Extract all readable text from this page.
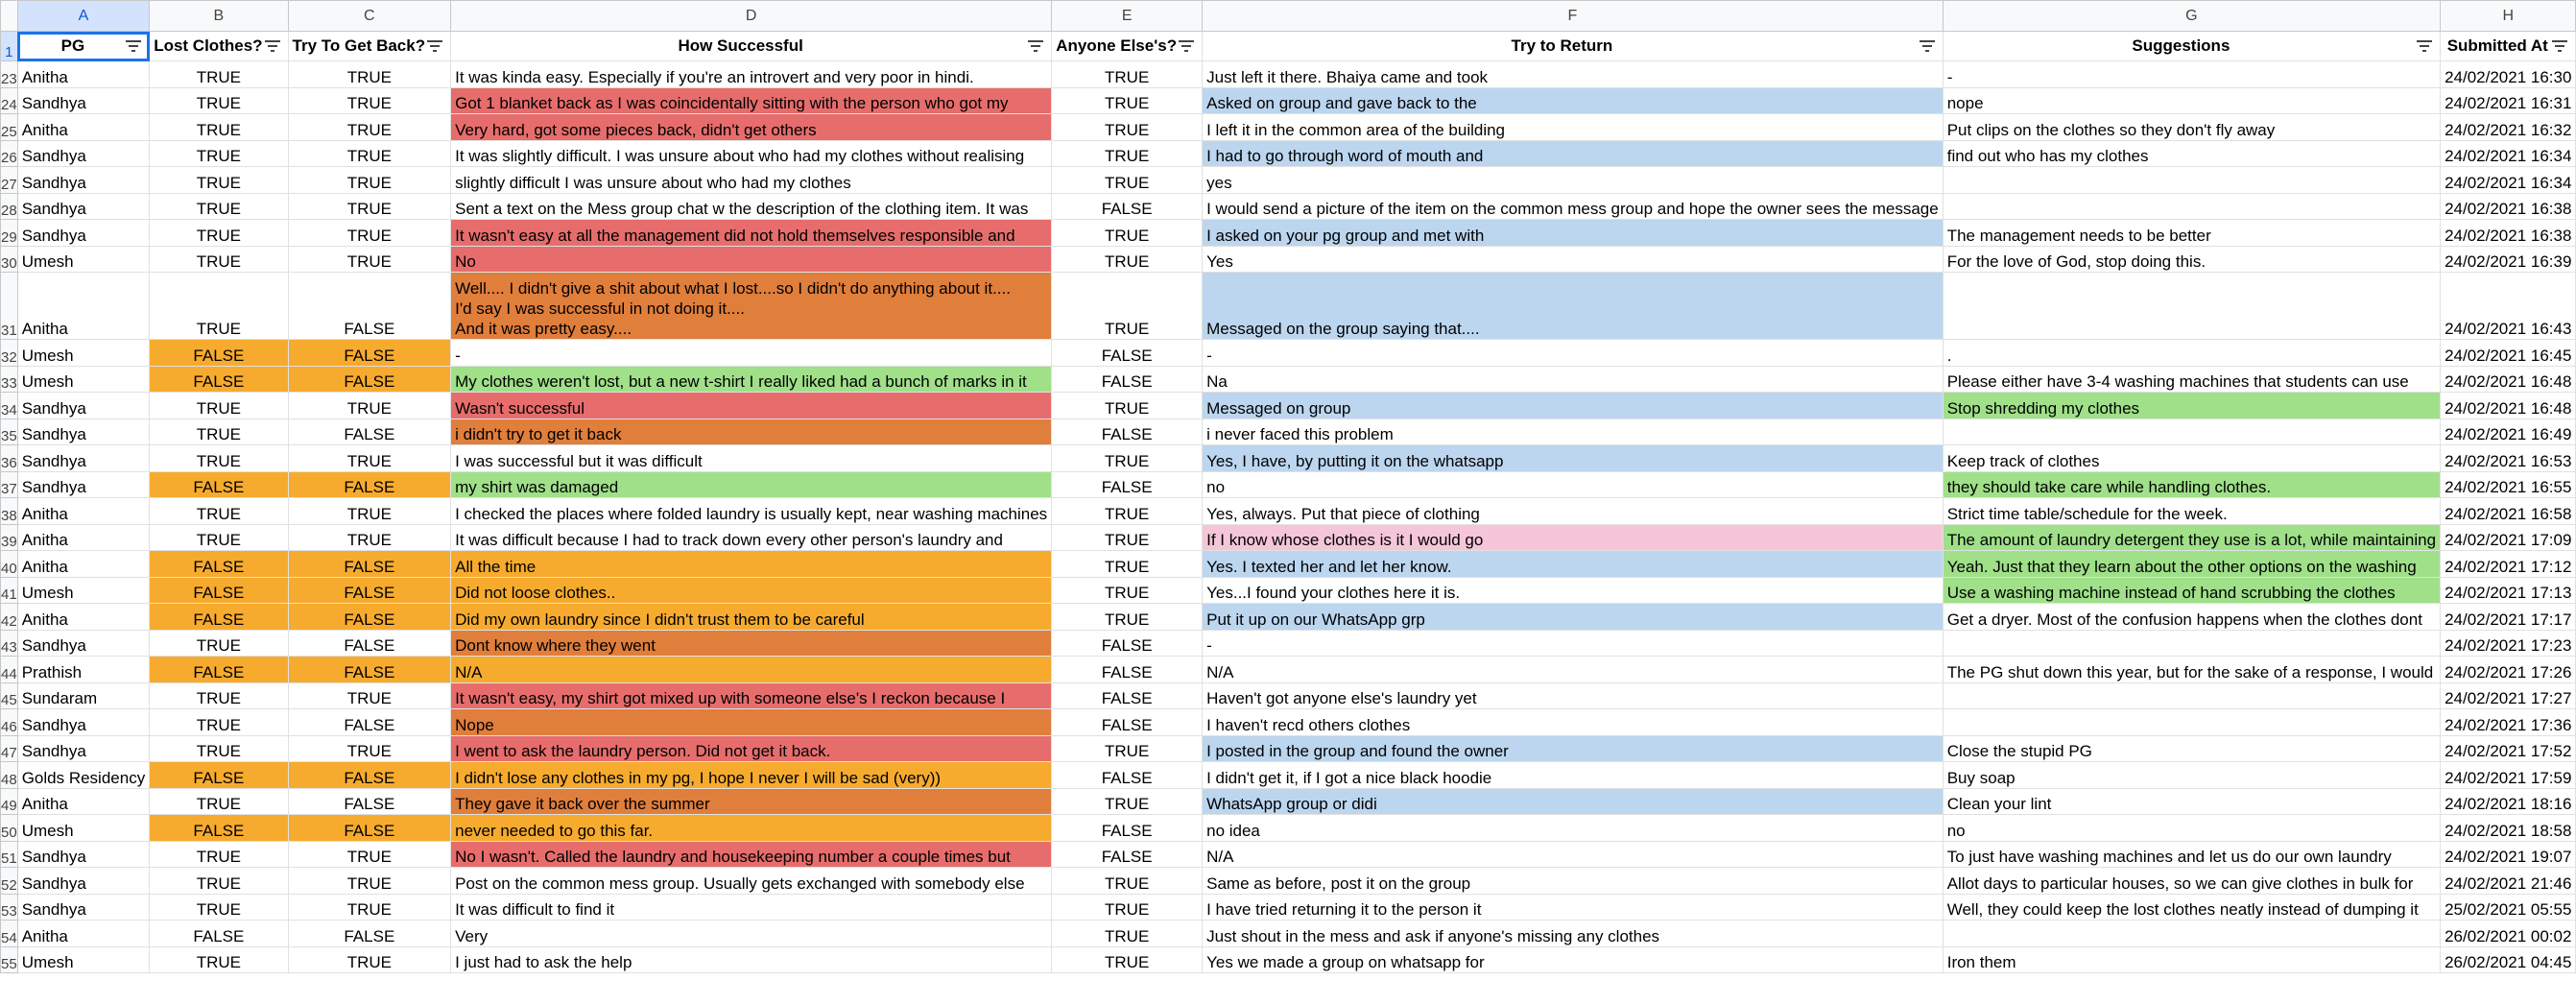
	A	B	C	D	E	F	G	H
1	PG	Lost Clothes?	Try To Get Back?	How Successful	Anyone Else's?	Try to Return	Suggestions	Submitted At

23	Anitha	TRUE	TRUE	It was kinda easy. Especially if you're an introvert and very poor in hindi.	TRUE	Just left it there. Bhaiya came and took	-	24/02/2021 16:30
24	Sandhya	TRUE	TRUE	Got 1 blanket back as I was coincidentally sitting with the person who got my	TRUE	Asked on group and gave back to the	nope	24/02/2021 16:31
25	Anitha	TRUE	TRUE	Very hard, got some pieces back, didn't get others	TRUE	I left it in the common area of the building	Put clips on the clothes so they don't fly away	24/02/2021 16:32
26	Sandhya	TRUE	TRUE	It was slightly difficult. I was unsure about who had my clothes without realising	TRUE	I had to go through word of mouth and	find out who has my clothes	24/02/2021 16:34
27	Sandhya	TRUE	TRUE	slightly difficult I was unsure about who had my clothes	TRUE	yes		24/02/2021 16:34
28	Sandhya	TRUE	TRUE	Sent a text on the Mess group chat w the description of the clothing item. It was	FALSE	I would send a picture of the item on the common mess group and hope the owner sees the message		24/02/2021 16:38
29	Sandhya	TRUE	TRUE	It wasn't easy at all the management did not hold themselves responsible and	TRUE	I asked on your pg group and met with	The management needs to be better	24/02/2021 16:38
30	Umesh	TRUE	TRUE	No	TRUE	Yes	For the love of God, stop doing this.	24/02/2021 16:39
31	Anitha	TRUE	FALSE	Well.... I didn't give a shit about what I lost....so I didn't do anything about it....
I'd say I was successful in not doing it....
And it was pretty easy....	TRUE	Messaged on the group saying that....		24/02/2021 16:43
32	Umesh	FALSE	FALSE	-	FALSE	-	.	24/02/2021 16:45
33	Umesh	FALSE	FALSE	My clothes weren't lost, but a new t-shirt I really liked had a bunch of marks in it	FALSE	Na	Please either have 3-4 washing machines that students can use	24/02/2021 16:48
34	Sandhya	TRUE	TRUE	Wasn't successful	TRUE	Messaged on group	Stop shredding my clothes	24/02/2021 16:48
35	Sandhya	TRUE	FALSE	i didn't try to get it back	FALSE	i never faced this problem		24/02/2021 16:49
36	Sandhya	TRUE	TRUE	I was successful but it was difficult	TRUE	Yes, I have, by putting it on the whatsapp	Keep track of clothes	24/02/2021 16:53
37	Sandhya	FALSE	FALSE	my shirt was damaged	FALSE	no	they should take care while handling clothes.	24/02/2021 16:55
38	Anitha	TRUE	TRUE	I checked the places where folded laundry is usually kept, near washing machines	TRUE	Yes, always. Put that piece of clothing	Strict time table/schedule for the week.	24/02/2021 16:58
39	Anitha	TRUE	TRUE	It was difficult because I had to track down every other person's laundry and	TRUE	If I know whose clothes is it I would go	The amount of laundry detergent they use is a lot, while maintaining	24/02/2021 17:09
40	Anitha	FALSE	FALSE	All the time	TRUE	Yes. I texted her and let her know.	Yeah. Just that they learn about the other options on the washing	24/02/2021 17:12
41	Umesh	FALSE	FALSE	Did not loose clothes..	TRUE	Yes...I found your clothes here it is.	Use a washing machine instead of hand scrubbing the clothes	24/02/2021 17:13
42	Anitha	FALSE	FALSE	Did my own laundry since I didn't trust them to be careful	TRUE	Put it up on our WhatsApp grp	Get a dryer. Most of the confusion happens when the clothes dont	24/02/2021 17:17
43	Sandhya	TRUE	FALSE	Dont know where they went	FALSE	-		24/02/2021 17:23
44	Prathish	FALSE	FALSE	N/A	FALSE	N/A	The PG shut down this year, but for the sake of a response, I would	24/02/2021 17:26
45	Sundaram	TRUE	TRUE	It wasn't easy, my shirt got mixed up with someone else's I reckon because I	FALSE	Haven't got anyone else's laundry yet		24/02/2021 17:27
46	Sandhya	TRUE	FALSE	Nope	FALSE	I haven't recd others clothes		24/02/2021 17:36
47	Sandhya	TRUE	TRUE	I went to ask the laundry person. Did not get it back.	TRUE	I posted in the group and found the owner	Close the stupid PG	24/02/2021 17:52
48	Golds Residency	FALSE	FALSE	I didn't lose any clothes in my pg, I hope I never I will be sad (very))	FALSE	I didn't get it, if I got a nice black hoodie	Buy soap	24/02/2021 17:59
49	Anitha	TRUE	FALSE	They gave it back over the summer	TRUE	WhatsApp group or didi	Clean your lint	24/02/2021 18:16
50	Umesh	FALSE	FALSE	never needed to go this far.	FALSE	no idea	no	24/02/2021 18:58
51	Sandhya	TRUE	TRUE	No I wasn't. Called the laundry and housekeeping number a couple times but	FALSE	N/A	To just have washing machines and let us do our own laundry	24/02/2021 19:07
52	Sandhya	TRUE	TRUE	Post on the common mess group. Usually gets exchanged with somebody else	TRUE	Same as before, post it on the group	Allot days to particular houses, so we can give clothes in bulk for	24/02/2021 21:46
53	Sandhya	TRUE	TRUE	It was difficult to find it	TRUE	I have tried returning it to the person it	Well, they could keep the lost clothes neatly instead of dumping it	25/02/2021 05:55
54	Anitha	FALSE	FALSE	Very	TRUE	Just shout in the mess and ask if anyone's missing any clothes		26/02/2021 00:02
55	Umesh	TRUE	TRUE	I just had to ask the help	TRUE	Yes we made a group on whatsapp for	Iron them	26/02/2021 04:45
